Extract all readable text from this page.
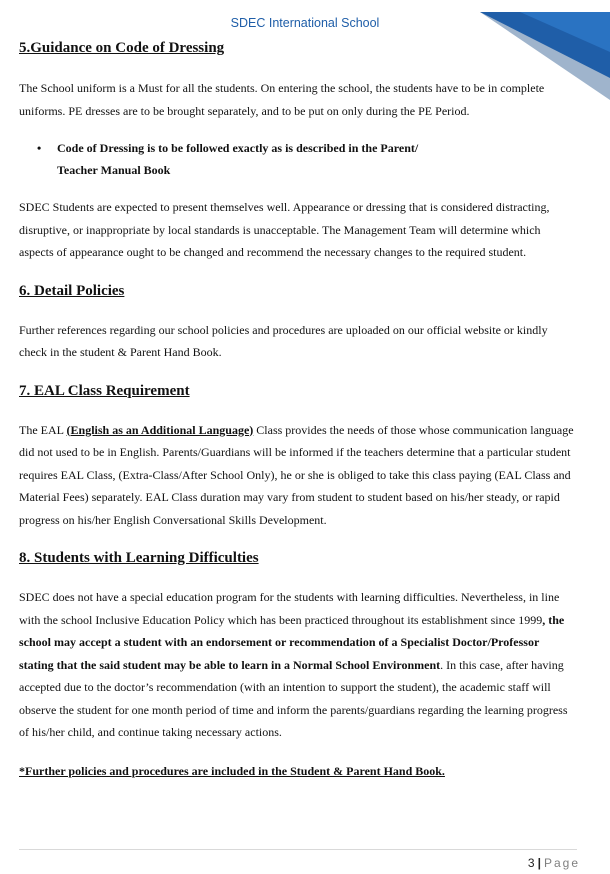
SDEC International School
5.Guidance on Code of Dressing

The School uniform is a Must for all the students. On entering the school, the students have to be in complete uniforms. PE dresses are to be brought separately, and to be put on only during the PE Period.

• Code of Dressing is to be followed exactly as is described in the Parent/
Teacher Manual Book

SDEC Students are expected to present themselves well. Appearance or dressing that is considered distracting, disruptive, or inappropriate by local standards is unacceptable. The Management Team will determine which aspects of appearance ought to be changed and recommend the necessary changes to the required student.

6. Detail Policies

Further references regarding our school policies and procedures are uploaded on our official website or kindly check in the student & Parent Hand Book.

7. EAL Class Requirement

The EAL (English as an Additional Language) Class provides the needs of those whose communication language did not used to be in English. Parents/Guardians will be informed if the teachers determine that a particular student requires EAL Class, (Extra-Class/After School Only), he or she is obliged to take this class paying (EAL Class and Material Fees) separately. EAL Class duration may vary from student to student based on his/her steady, or rapid progress on his/her English Conversational Skills Development.

8. Students with Learning Difficulties

SDEC does not have a special education program for the students with learning difficulties. Nevertheless, in line with the school Inclusive Education Policy which has been practiced throughout its establishment since 1999, the school may accept a student with an endorsement or recommendation of a Specialist Doctor/Professor stating that the said student may be able to learn in a Normal School Environment. In this case, after having accepted due to the doctor’s recommendation (with an intention to support the student), the academic staff will observe the student for one month period of time and inform the parents/guardians regarding the learning progress of his/her child, and continue taking necessary actions.

*Further policies and procedures are included in the Student & Parent Hand Book.

3 | Page
